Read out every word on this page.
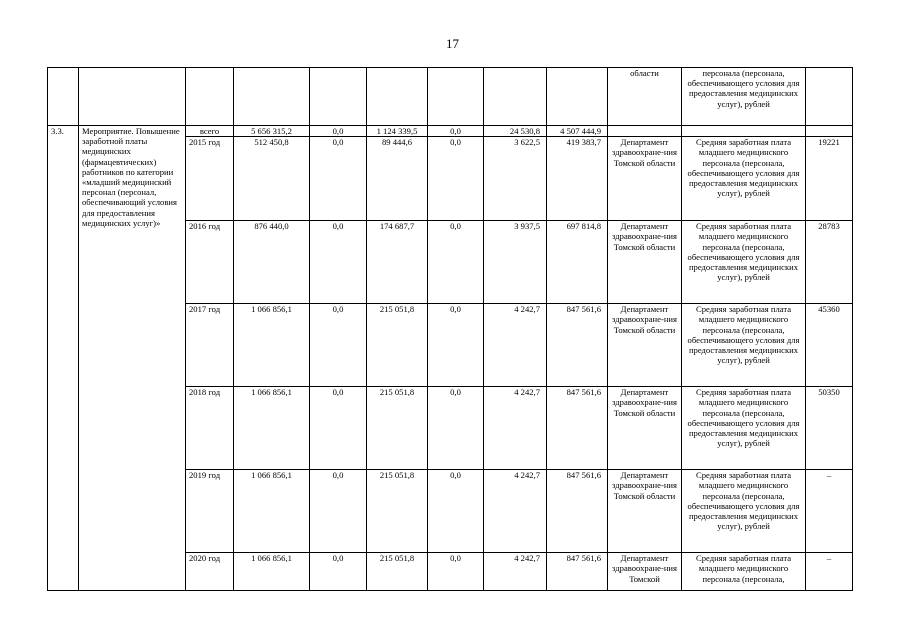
17
									области	персонала (персонала, обеспечивающего условия для предоставления медицинских услуг), рублей	
3.3.	Мероприятие. Повышение заработной платы медицинских (фармацевтических) работников по категории «младший медицинский персонал (персонал, обеспечивающий условия для предоставления медицинских услуг)»	всего	5 656 315,2	0,0	1 124 339,5	0,0	24 530,8	4 507 444,9			
		2015 год	512 450,8	0,0	89 444,6	0,0	3 622,5	419 383,7	Департамент здравоохране-ния Томской области	Средняя заработная плата младшего медицинского персонала (персонала, обеспечивающего условия для предоставления медицинских услуг), рублей	19221
		2016 год	876 440,0	0,0	174 687,7	0,0	3 937,5	697 814,8	Департамент здравоохране-ния Томской области	Средняя заработная плата младшего медицинского персонала (персонала, обеспечивающего условия для предоставления медицинских услуг), рублей	28783
		2017 год	1 066 856,1	0,0	215 051,8	0,0	4 242,7	847 561,6	Департамент здравоохране-ния Томской области	Средняя заработная плата младшего медицинского персонала (персонала, обеспечивающего условия для предоставления медицинских услуг), рублей	45360
		2018 год	1 066 856,1	0,0	215 051,8	0,0	4 242,7	847 561,6	Департамент здравоохране-ния Томской области	Средняя заработная плата младшего медицинского персонала (персонала, обеспечивающего условия для предоставления медицинских услуг), рублей	50350
		2019 год	1 066 856,1	0,0	215 051,8	0,0	4 242,7	847 561,6	Департамент здравоохране-ния Томской области	Средняя заработная плата младшего медицинского персонала (персонала, обеспечивающего условия для предоставления медицинских услуг), рублей	–
		2020 год	1 066 856,1	0,0	215 051,8	0,0	4 242,7	847 561,6	Департамент здравоохране-ния Томской	Средняя заработная плата младшего медицинского персонала (персонала,	–
